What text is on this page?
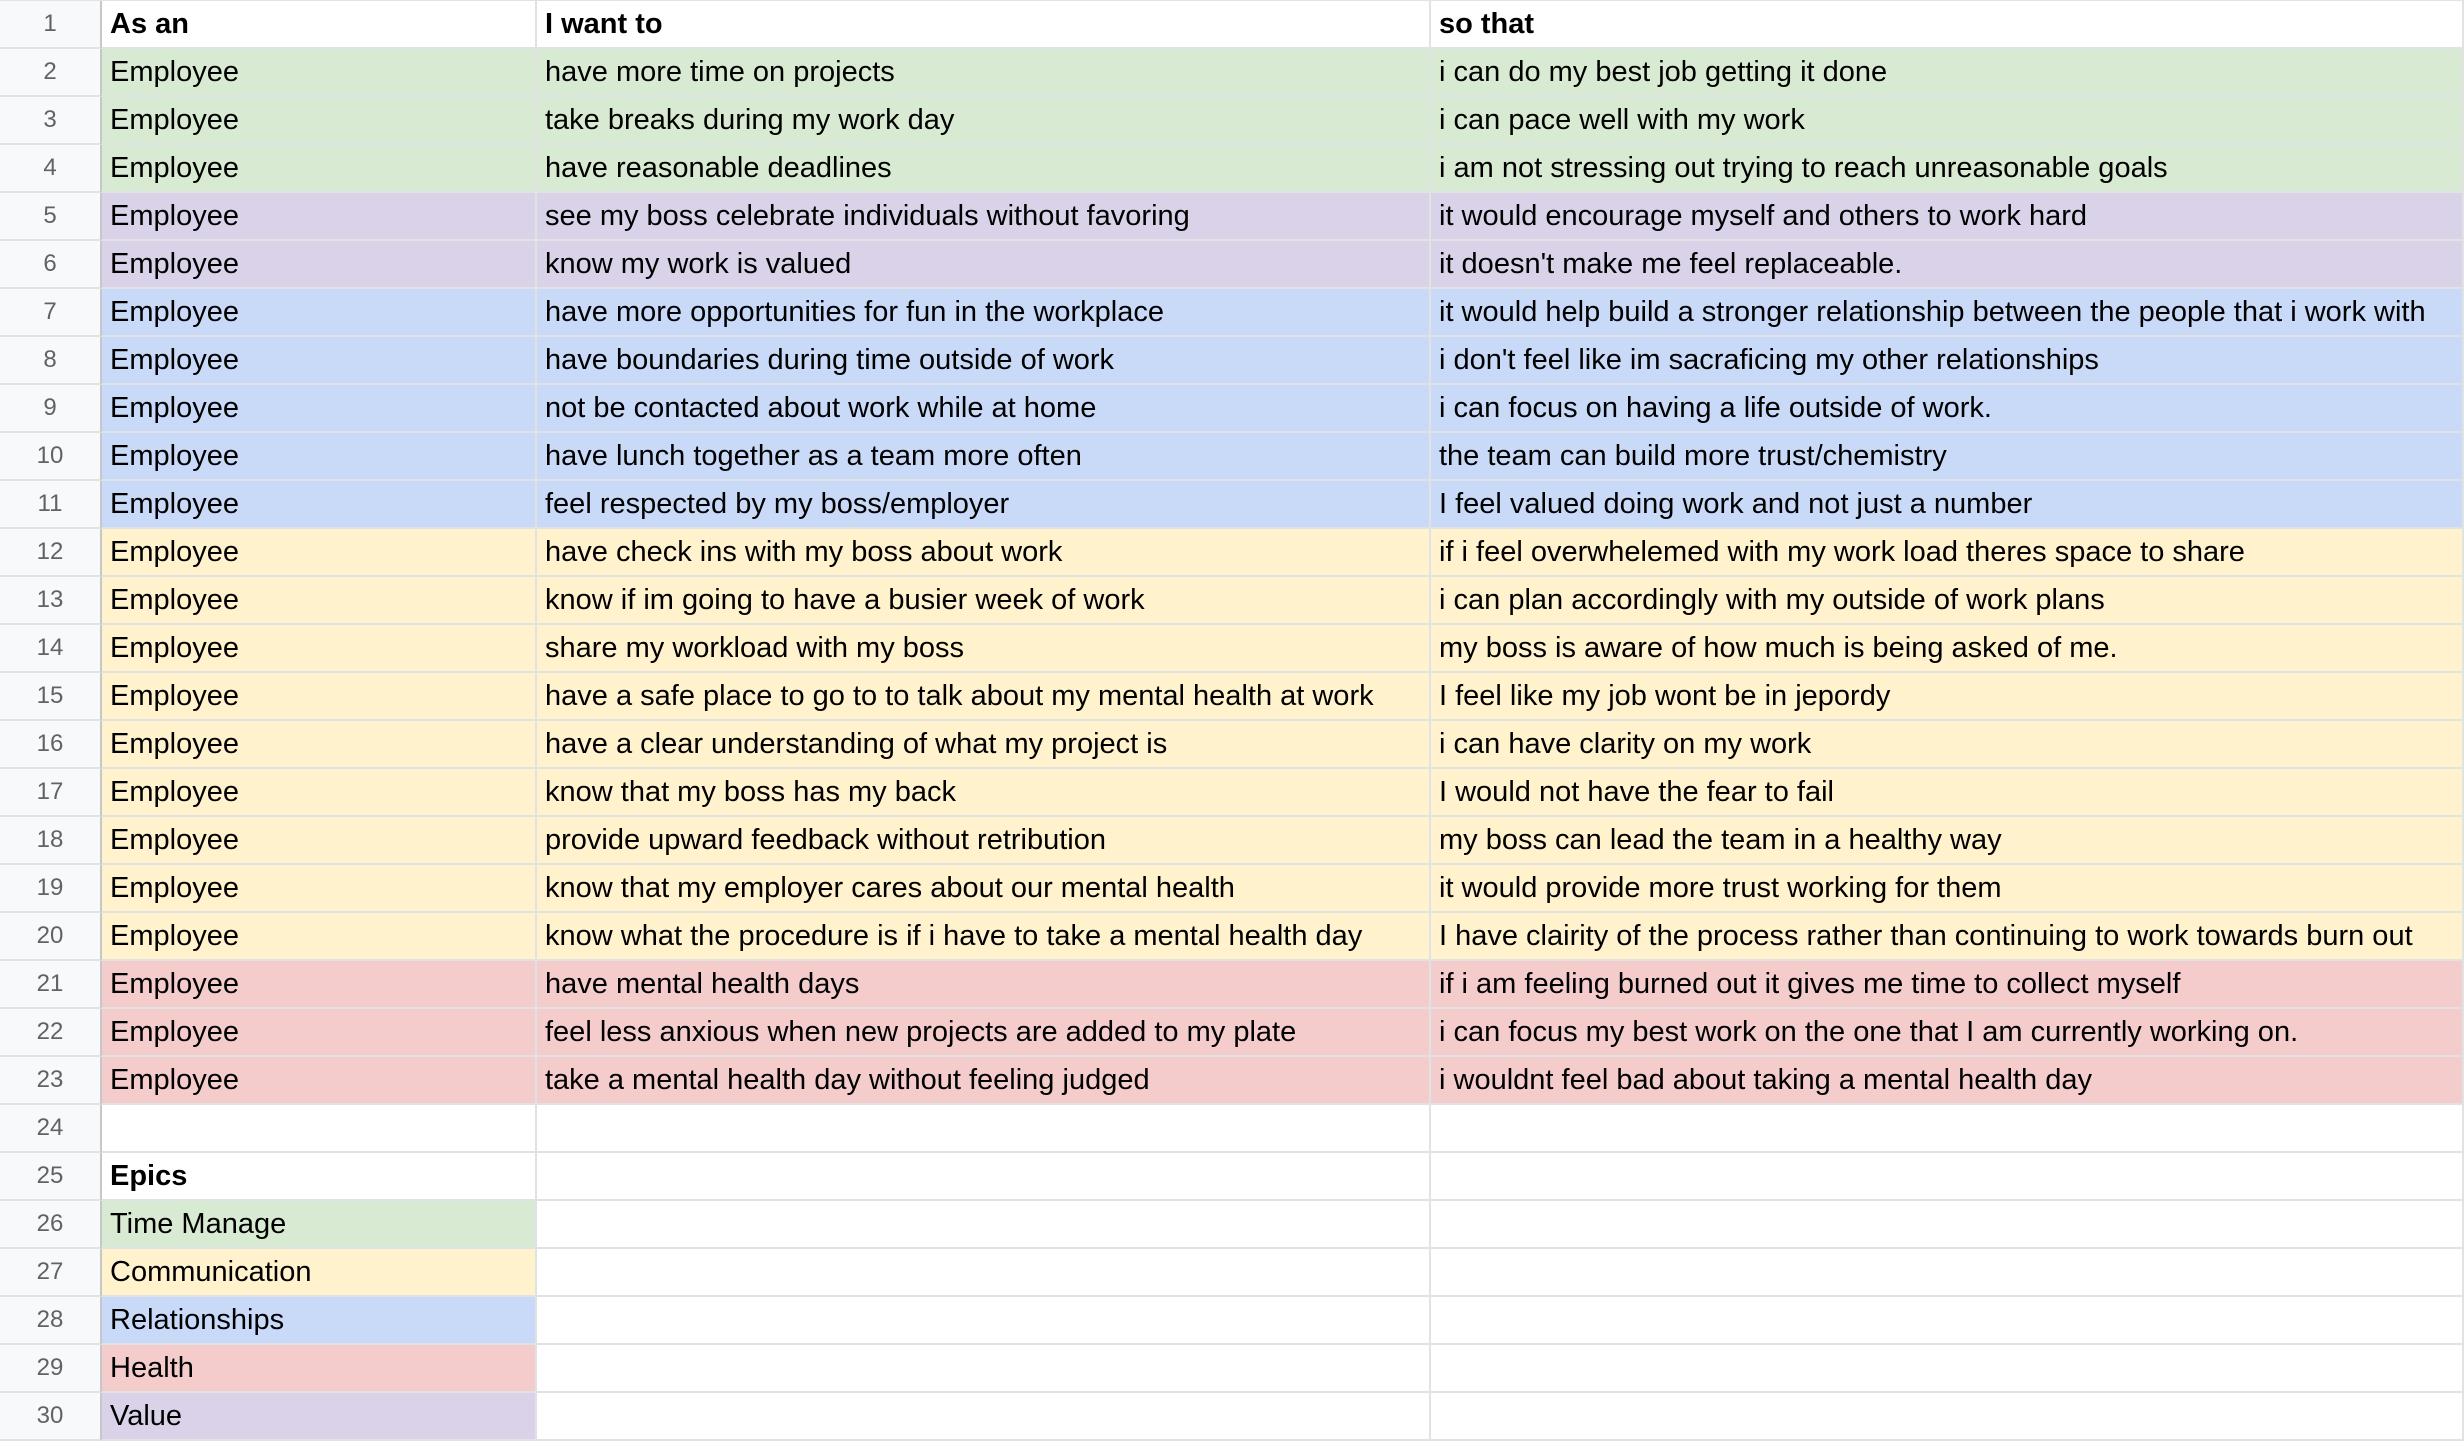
1	As an	I want to	so that
2	Employee	have more time on projects	i can do my best job getting it done
3	Employee	take breaks during my work day	i can pace well with my work
4	Employee	have reasonable deadlines	i am not stressing out trying to reach unreasonable goals
5	Employee	see my boss celebrate individuals without favoring	it would encourage myself and others to work hard
6	Employee	know my work is valued	it doesn't make me feel replaceable.
7	Employee	have more opportunities for fun in the workplace	it would help build a stronger relationship between the people that i work with
8	Employee	have boundaries during time outside of work	i don't feel like im sacraficing my other relationships
9	Employee	not be contacted about work while at home	i can focus on having a life outside of work.
10	Employee	have lunch together as a team more often	the team can build more trust/chemistry
11	Employee	feel respected by my boss/employer	I feel valued doing work and not just a number
12	Employee	have check ins with my boss about work	if i feel overwhelemed with my work load theres space to share
13	Employee	know if im going to have a busier week of work	i can plan accordingly with my outside of work plans
14	Employee	share my workload with my boss	my boss is aware of how much is being asked of me.
15	Employee	have a safe place to go to to talk about my mental health at work	I feel like my job wont be in jepordy
16	Employee	have a clear understanding of what my project is	i can have clarity on my work
17	Employee	know that my boss has my back	I would not have the fear to fail
18	Employee	provide upward feedback without retribution	my boss can lead the team in a healthy way
19	Employee	know that my employer cares about our mental health	it would provide more trust working for them
20	Employee	know what the procedure is if i have to take a mental health day	I have clairity of the process rather than continuing to work towards burn out
21	Employee	have mental health days	if i am feeling burned out it gives me time to collect myself
22	Employee	feel less anxious when new projects are added to my plate	i can focus my best work on the one that I am currently working on.
23	Employee	take a mental health day without feeling judged	i wouldnt feel bad about taking a mental health day
24
25	Epics
26	Time Manage
27	Communication
28	Relationships
29	Health
30	Value
